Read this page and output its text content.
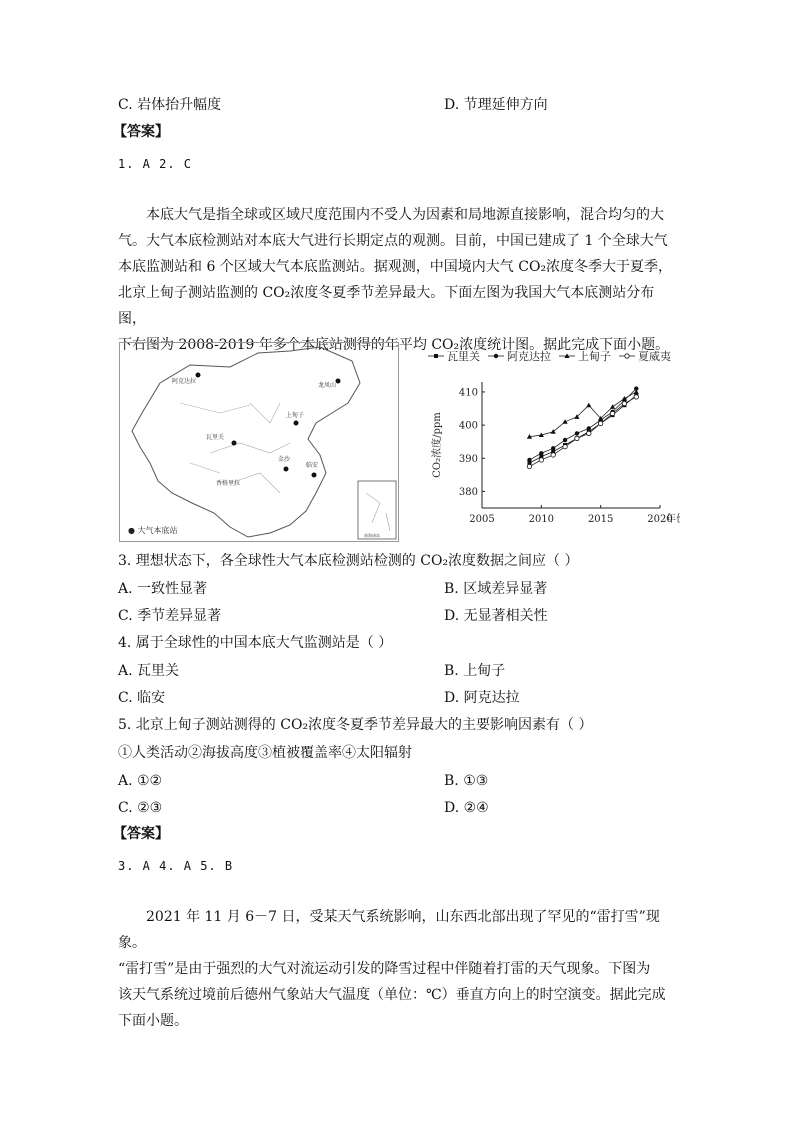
C. 岩体抬升幅度	D. 节理延伸方向
【答案】
1. A 2. C

本底大气是指全球或区域尺度范围内不受人为因素和局地源直接影响，混合均匀的大

气。大气本底检测站对本底大气进行长期定点的观测。目前，中国已建成了 1 个全球大气

本底监测站和 6 个区域大气本底监测站。据观测，中国境内大气 CO₂浓度冬季大于夏季，

北京上甸子测站监测的 CO₂浓度冬夏季节差异最大。下面左图为我国大气本底测站分布图，

下右图为 2008-2019 年多个本底站测得的年平均 CO₂浓度统计图。据此完成下面小题。

阿克达拉
龙凤山
上甸子
瓦里关
金沙
临安
香格里拉
南海诸岛
● 大气本底站
2005	2010	2015	2020
380
390
400
410
年
CO₂浓度/ppm
瓦里关 阿克达拉 上甸子 夏威夷
3. 理想状态下，各全球性大气本底检测站检测的 CO₂浓度数据之间应（ ）
A. 一致性显著	B. 区域差异显著
C. 季节差异显著	D. 无显著相关性
4. 属于全球性的中国本底大气监测站是（ ）
A. 瓦里关	B. 上甸子
C. 临安	D. 阿克达拉
5. 北京上甸子测站测得的 CO₂浓度冬夏季节差异最大的主要影响因素有（ ）
①人类活动②海拔高度③植被覆盖率④太阳辐射
A. ①②	B. ①③
C. ②③	D. ②④
【答案】
3. A 4. A 5. B

2021 年 11 月 6－7 日，受某天气系统影响，山东西北部出现了罕见的“雷打雪”现象。

“雷打雪”是由于强烈的大气对流运动引发的降雪过程中伴随着打雷的天气现象。下图为

该天气系统过境前后德州气象站大气温度（单位：℃）垂直方向上的时空演变。据此完成

下面小题。
